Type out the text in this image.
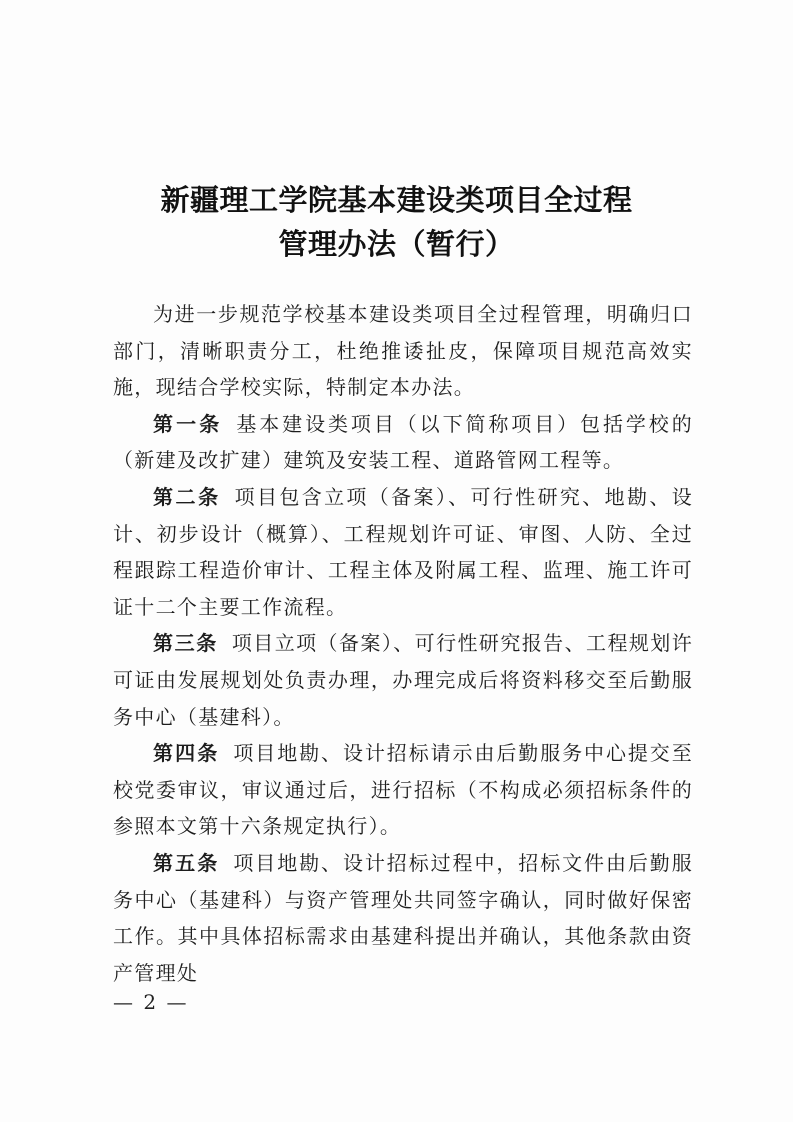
新疆理工学院基本建设类项目全过程
管理办法（暂行）

为进一步规范学校基本建设类项目全过程管理，明确归口部门，清晰职责分工，杜绝推诿扯皮，保障项目规范高效实施，现结合学校实际，特制定本办法。

第一条 基本建设类项目（以下简称项目）包括学校的（新建及改扩建）建筑及安装工程、道路管网工程等。

第二条 项目包含立项（备案）、可行性研究、地勘、设计、初步设计（概算）、工程规划许可证、审图、人防、全过程跟踪工程造价审计、工程主体及附属工程、监理、施工许可证十二个主要工作流程。

第三条 项目立项（备案）、可行性研究报告、工程规划许可证由发展规划处负责办理，办理完成后将资料移交至后勤服务中心（基建科）。

第四条 项目地勘、设计招标请示由后勤服务中心提交至校党委审议，审议通过后，进行招标（不构成必须招标条件的参照本文第十六条规定执行）。

第五条 项目地勘、设计招标过程中，招标文件由后勤服务中心（基建科）与资产管理处共同签字确认，同时做好保密工作。其中具体招标需求由基建科提出并确认，其他条款由资产管理处

— 2 —
